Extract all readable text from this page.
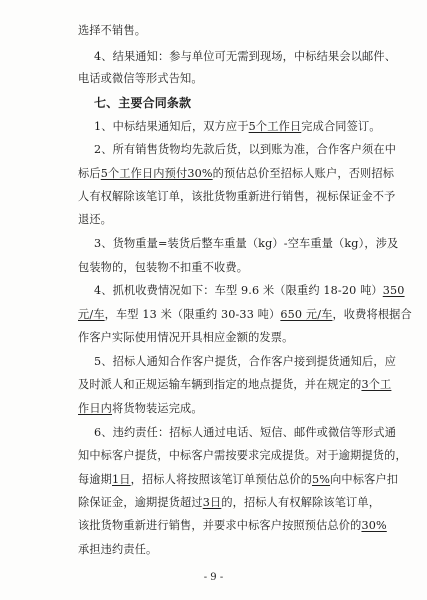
选择不销售。
4、结果通知：参与单位可无需到现场，中标结果会以邮件、
电话或微信等形式告知。
七、主要合同条款
1、中标结果通知后，双方应于5个工作日完成合同签订。
2、所有销售货物均先款后货，以到账为准，合作客户须在中
标后5个工作日内预付30%的预估总价至招标人账户，否则招标
人有权解除该笔订单，该批货物重新进行销售，视标保证金不予
退还。
3、货物重量=装货后整车重量（kg）-空车重量（kg），涉及
包装物的，包装物不扣重不收费。
4、抓机收费情况如下：车型 9.6 米（限重约 18-20 吨）350
元/车，车型 13 米（限重约 30-33 吨）650 元/车，收费将根据合
作客户实际使用情况开具相应金额的发票。
5、招标人通知合作客户提货，合作客户接到提货通知后，应
及时派人和正规运输车辆到指定的地点提货，并在规定的3个工
作日内将货物装运完成。
6、违约责任：招标人通过电话、短信、邮件或微信等形式通
知中标客户提货，中标客户需按要求完成提货。对于逾期提货的，
每逾期1日，招标人将按照该笔订单预估总价的5%向中标客户扣
除保证金，逾期提货超过3日的，招标人有权解除该笔订单，
该批货物重新进行销售，并要求中标客户按照预估总价的30%
承担违约责任。
- 9 -
